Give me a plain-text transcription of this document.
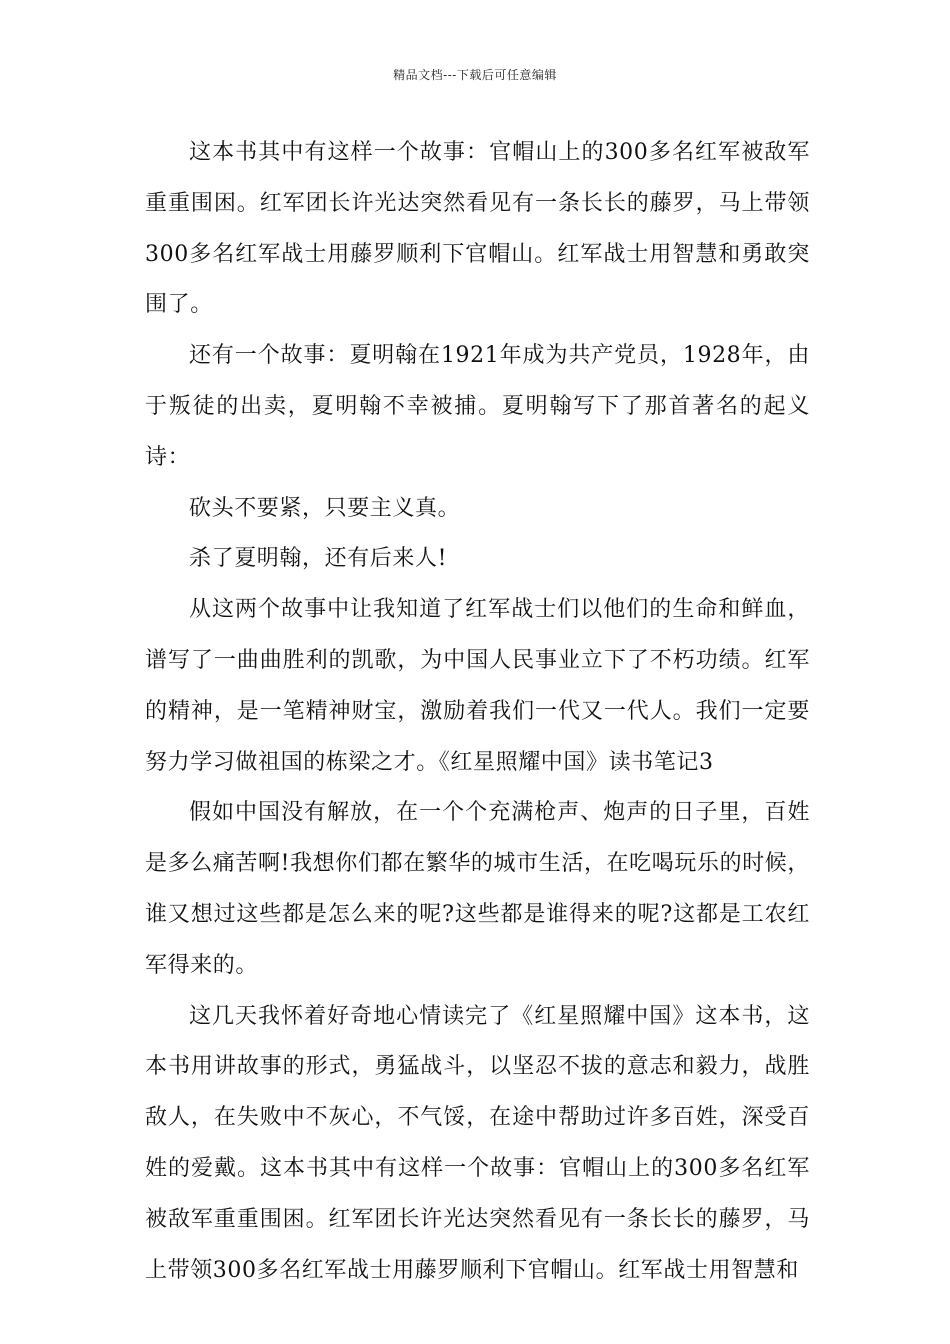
精品文档---下载后可任意编辑

这本书其中有这样一个故事：官帽山上的300多名红军被敌军重重围困。红军团长许光达突然看见有一条长长的藤罗，马上带领300多名红军战士用藤罗顺利下官帽山。红军战士用智慧和勇敢突围了。

还有一个故事：夏明翰在1921年成为共产党员，1928年，由于叛徒的出卖，夏明翰不幸被捕。夏明翰写下了那首著名的起义诗：

砍头不要紧，只要主义真。

杀了夏明翰，还有后来人!

从这两个故事中让我知道了红军战士们以他们的生命和鲜血，谱写了一曲曲胜利的凯歌，为中国人民事业立下了不朽功绩。红军的精神，是一笔精神财宝，激励着我们一代又一代人。我们一定要努力学习做祖国的栋梁之才。《红星照耀中国》读书笔记3

假如中国没有解放，在一个个充满枪声、炮声的日子里，百姓是多么痛苦啊!我想你们都在繁华的城市生活，在吃喝玩乐的时候，谁又想过这些都是怎么来的呢?这些都是谁得来的呢?这都是工农红军得来的。

这几天我怀着好奇地心情读完了《红星照耀中国》这本书，这本书用讲故事的形式，勇猛战斗，以坚忍不拔的意志和毅力，战胜敌人，在失败中不灰心，不气馁，在途中帮助过许多百姓，深受百姓的爱戴。这本书其中有这样一个故事：官帽山上的300多名红军被敌军重重围困。红军团长许光达突然看见有一条长长的藤罗，马上带领300多名红军战士用藤罗顺利下官帽山。红军战士用智慧和
